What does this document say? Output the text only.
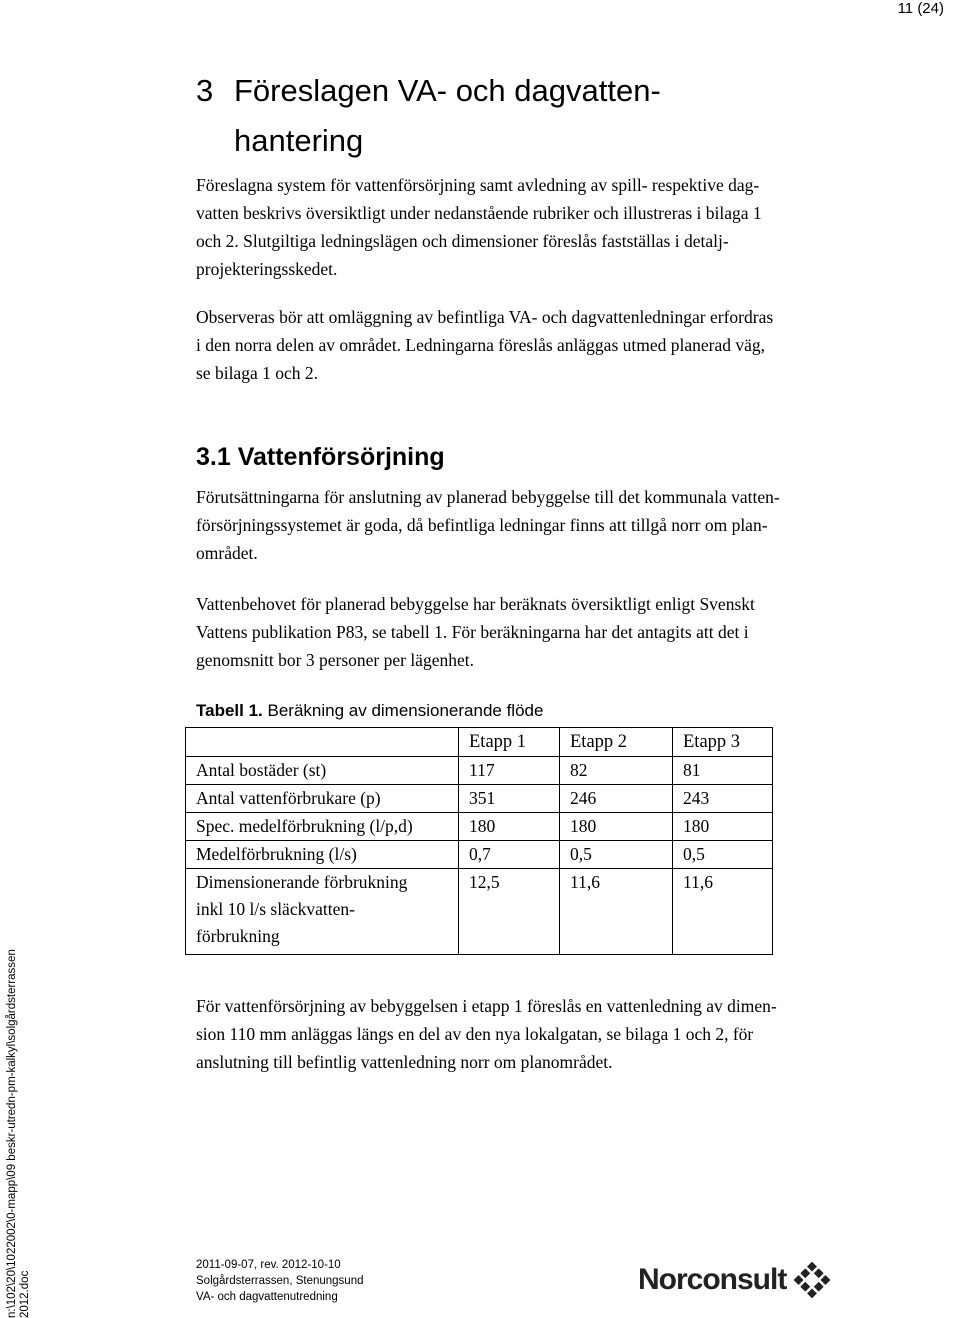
11 (24)
3 Föreslagen VA- och dagvatten-
hantering
Föreslagna system för vattenförsörjning samt avledning av spill- respektive dag-
vatten beskrivs översiktligt under nedanstående rubriker och illustreras i bilaga 1
och 2. Slutgiltiga ledningslägen och dimensioner föreslås fastställas i detalj-
projekteringsskedet.
Observeras bör att omläggning av befintliga VA- och dagvattenledningar erfordras
i den norra delen av området. Ledningarna föreslås anläggas utmed planerad väg,
se bilaga 1 och 2.
3.1 Vattenförsörjning
Förutsättningarna för anslutning av planerad bebyggelse till det kommunala vatten-
försörjningssystemet är goda, då befintliga ledningar finns att tillgå norr om plan-
området.
Vattenbehovet för planerad bebyggelse har beräknats översiktligt enligt Svenskt
Vattens publikation P83, se tabell 1. För beräkningarna har det antagits att det i
genomsnitt bor 3 personer per lägenhet.
Tabell 1. Beräkning av dimensionerande flöde
	Etapp 1	Etapp 2	Etapp 3
Antal bostäder (st)	117	82	81
Antal vattenförbrukare (p)	351	246	243
Spec. medelförbrukning (l/p,d)	180	180	180
Medelförbrukning (l/s)	0,7	0,5	0,5

Dimensionerande förbrukning
inkl 10 l/s släckvatten-
förbrukning	12,5	11,6	11,6
För vattenförsörjning av bebyggelsen i etapp 1 föreslås en vattenledning av dimen-
sion 110 mm anläggas längs en del av den nya lokalgatan, se bilaga 1 och 2, för
anslutning till befintlig vattenledning norr om planområdet.
n:\102\20\1022002\0-mapp\09 beskr-utredn-pm-kalkyl\solgårdsterrassen 2012.doc
2011-09-07, rev. 2012-10-10
Solgårdsterrassen, Stenungsund
VA- och dagvattenutredning
Norconsult
